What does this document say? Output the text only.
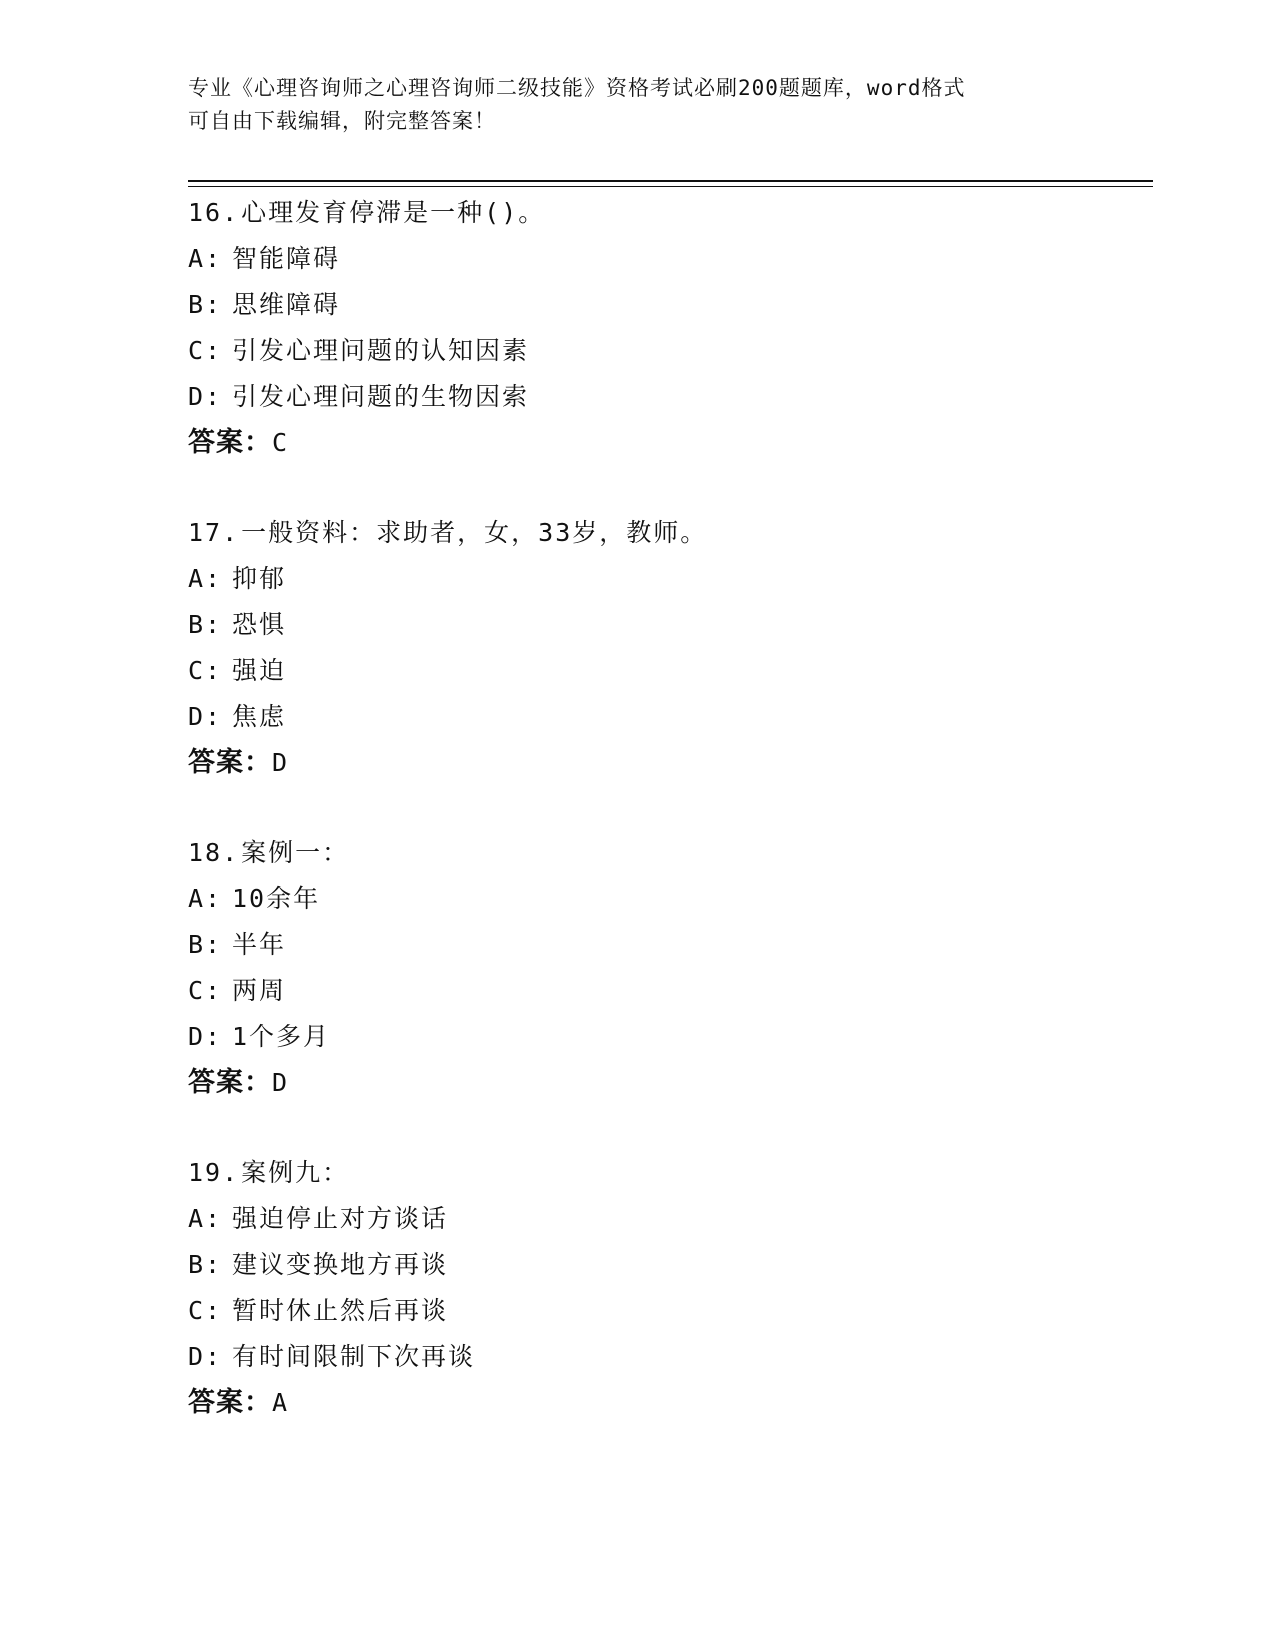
专业《心理咨询师之心理咨询师二级技能》资格考试必刷200题题库，word格式
可自由下载编辑，附完整答案！
16. 心理发育停滞是一种()。
A: 智能障碍
B: 思维障碍
C: 引发心理问题的认知因素
D: 引发心理问题的生物因索
答案：C
17. 一般资料：求助者，女，33岁，教师。
A: 抑郁
B: 恐惧
C: 强迫
D: 焦虑
答案：D
18. 案例一：
A: 10余年
B: 半年
C: 两周
D: 1个多月
答案：D
19. 案例九：
A: 强迫停止对方谈话
B: 建议变换地方再谈
C: 暂时休止然后再谈
D: 有时间限制下次再谈
答案：A
